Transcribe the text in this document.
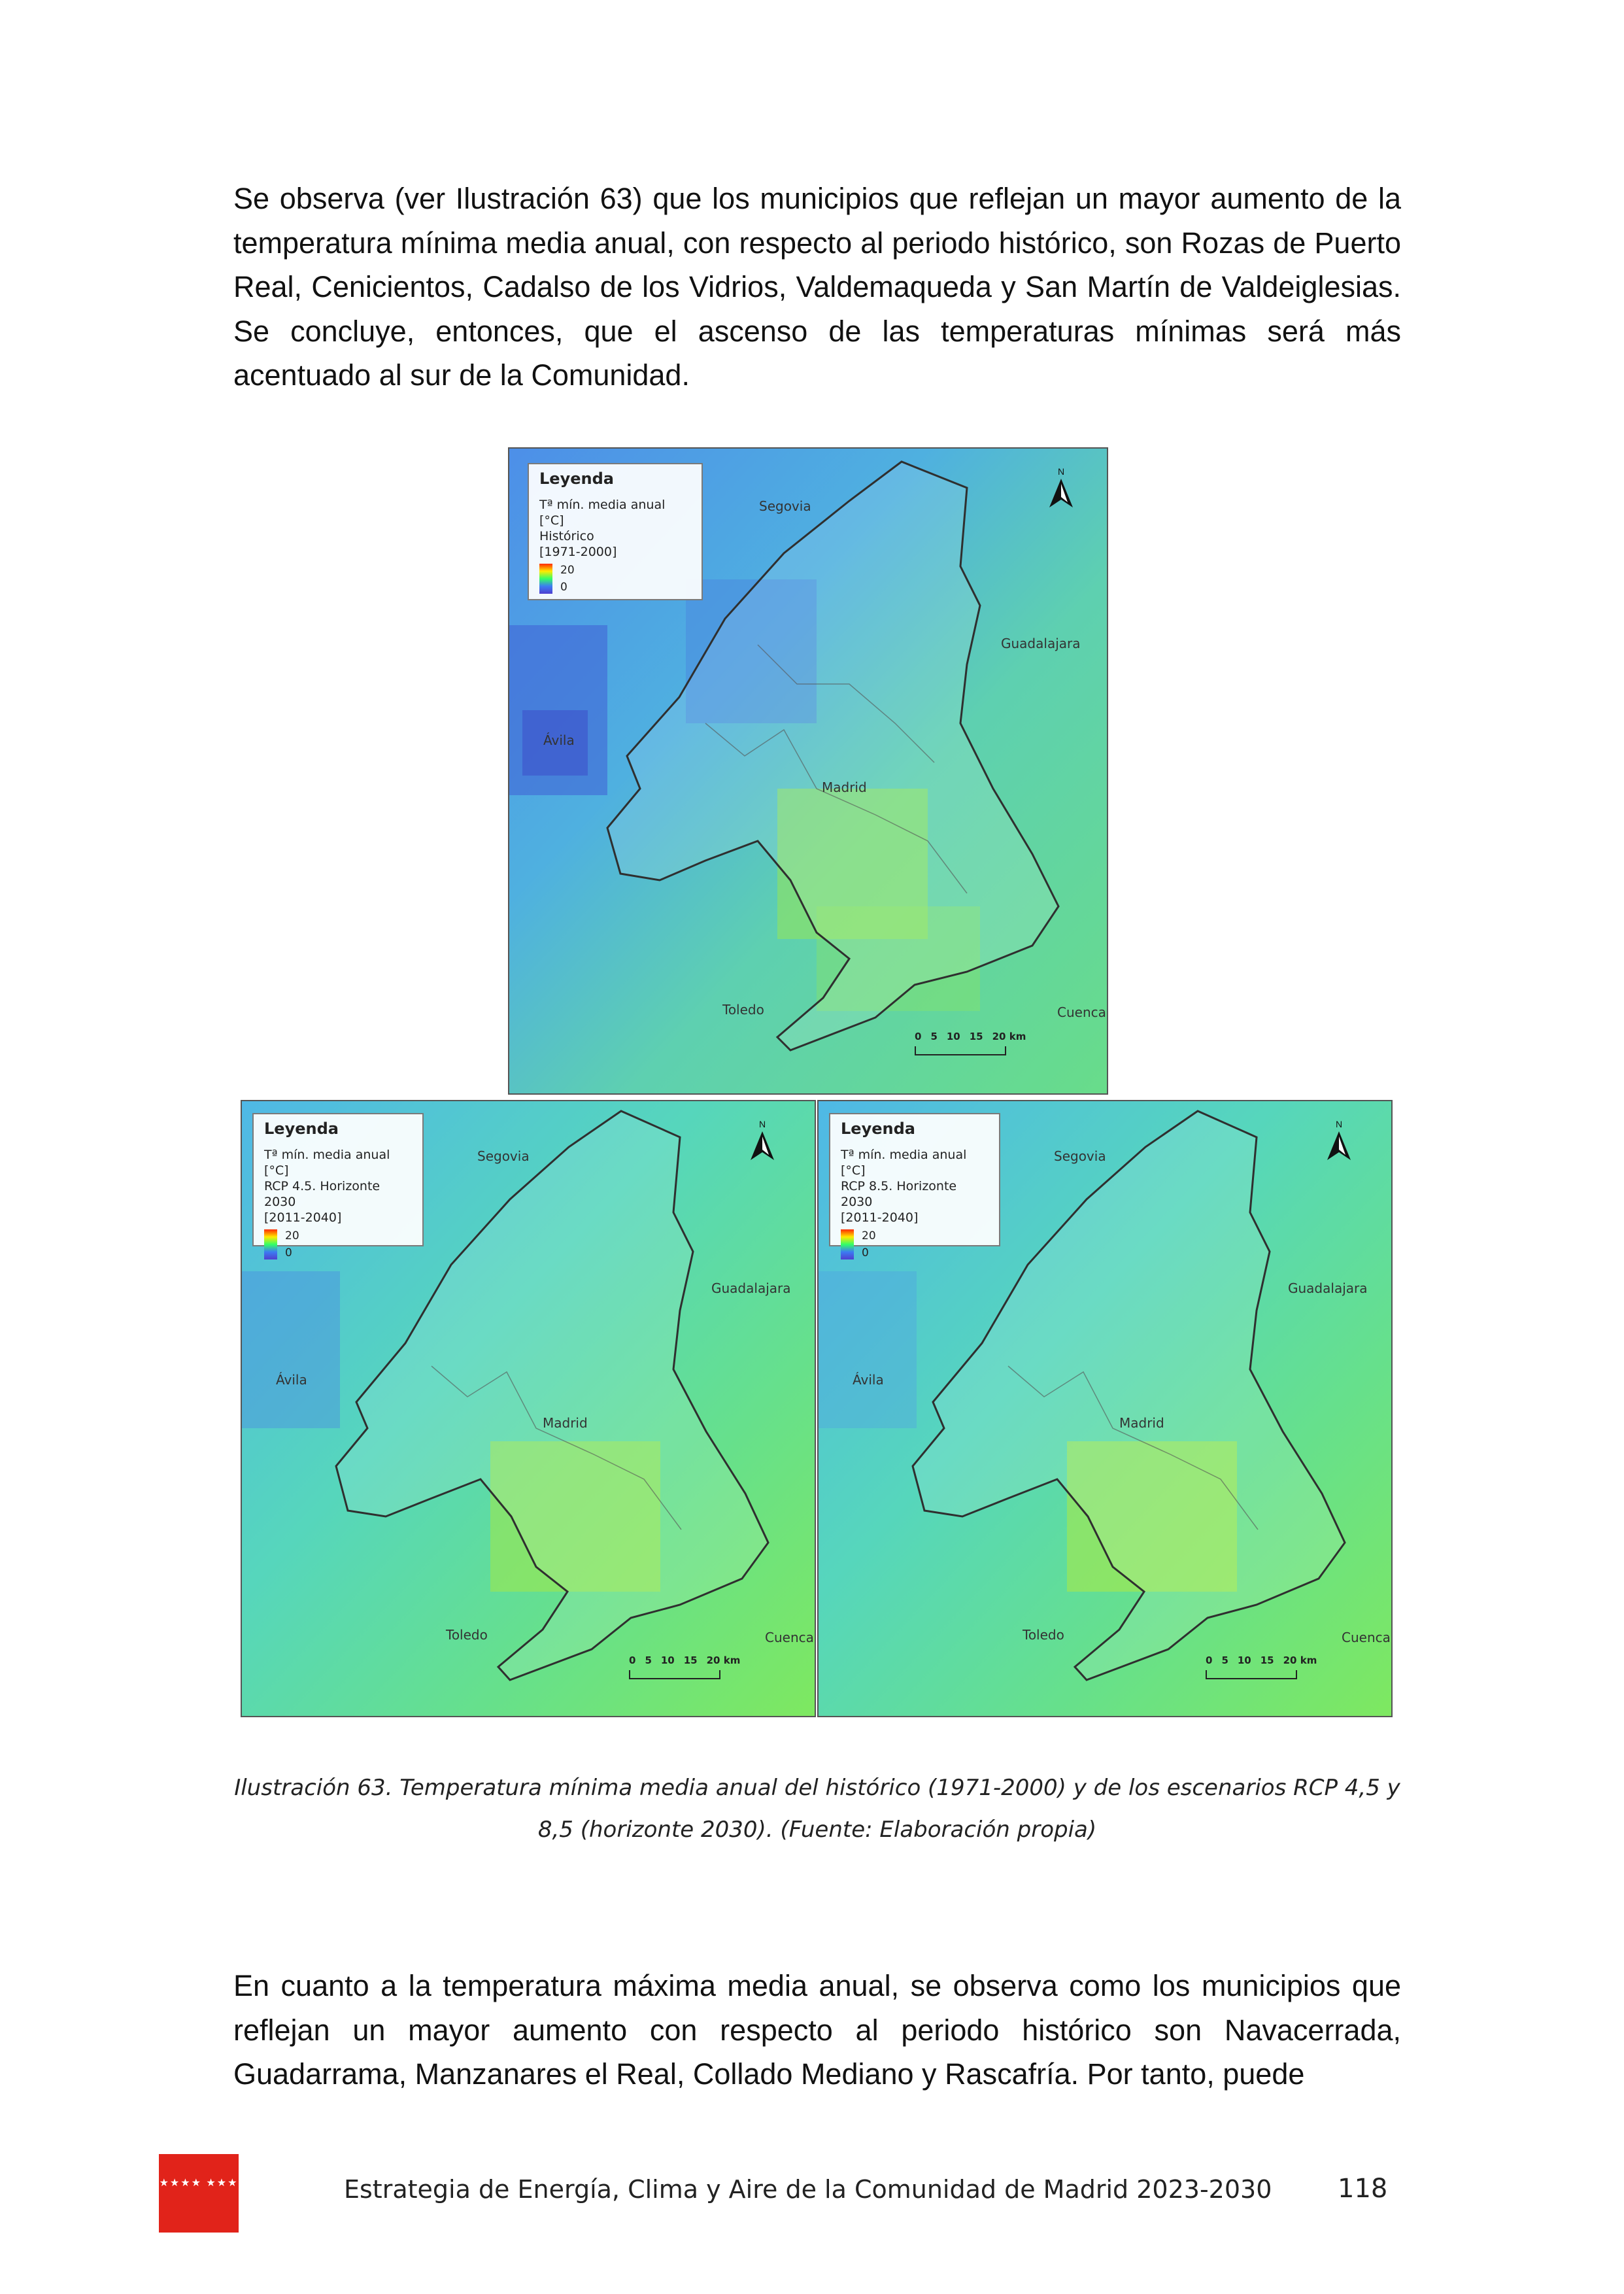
Se observa (ver Ilustración 63) que los municipios que reflejan un mayor aumento de la temperatura mínima media anual, con respecto al periodo histórico, son Rozas de Puerto Real, Cenicientos, Cadalso de los Vidrios, Valdemaqueda y San Martín de Valdeiglesias. Se concluye, entonces, que el ascenso de las temperaturas mínimas será más acentuado al sur de la Comunidad.

Leyenda
Tª mín. media anual [°C]
Histórico
[1971-2000]
20
0
N
Segovia
Guadalajara
Ávila
Madrid
Toledo	Cuenca
0 5 10 15 20 km
Leyenda
Tª mín. media anual [°C]
RCP 4.5. Horizonte 2030
[2011-2040]
20
0
N
Segovia
Guadalajara
Ávila
Madrid
Toledo	Cuenca
0 5 10 15 20 km
Leyenda
Tª mín. media anual [°C]
RCP 8.5. Horizonte 2030
[2011-2040]
20
0
N
Segovia
Guadalajara
Ávila
Madrid
Toledo	Cuenca
0 5 10 15 20 km
Ilustración 63. Temperatura mínima media anual del histórico (1971-2000) y de los escenarios RCP 4,5 y
8,5 (horizonte 2030). (Fuente: Elaboración propia)

En cuanto a la temperatura máxima media anual, se observa como los municipios que reflejan un mayor aumento con respecto al periodo histórico son Navacerrada, Guadarrama, Manzanares el Real, Collado Mediano y Rascafría. Por tanto, puede

★★★★ ★★★	Estrategia de Energía, Clima y Aire de la Comunidad de Madrid 2023-2030	118
